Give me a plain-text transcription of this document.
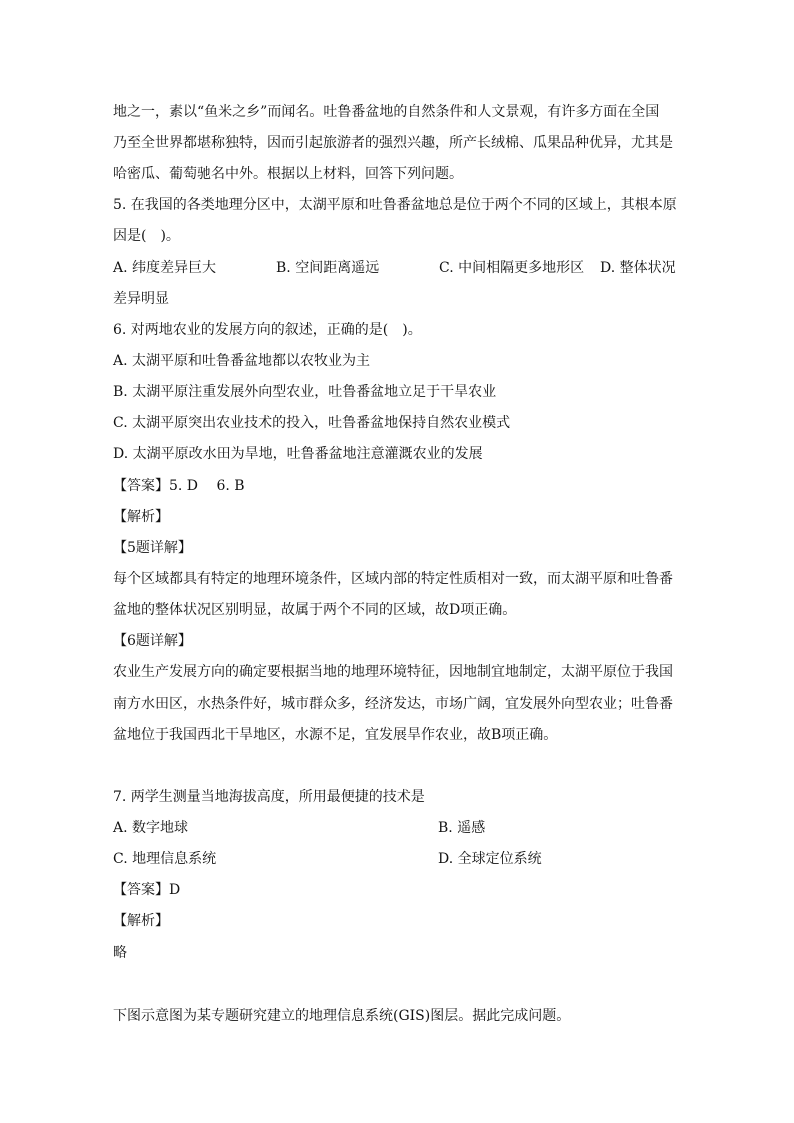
地之一，素以“鱼米之乡”而闻名。吐鲁番盆地的自然条件和人文景观，有许多方面在全国
乃至全世界都堪称独特，因而引起旅游者的强烈兴趣，所产长绒棉、瓜果品种优异，尤其是
哈密瓜、葡萄驰名中外。根据以上材料，回答下列问题。
5. 在我国的各类地理分区中，太湖平原和吐鲁番盆地总是位于两个不同的区域上，其根本原
因是(　)。
A. 纬度差异巨大	B. 空间距离遥远	C. 中间相隔更多地形区 D. 整体状况
差异明显
6. 对两地农业的发展方向的叙述，正确的是(　)。
A. 太湖平原和吐鲁番盆地都以农牧业为主
B. 太湖平原注重发展外向型农业，吐鲁番盆地立足于干旱农业
C. 太湖平原突出农业技术的投入，吐鲁番盆地保持自然农业模式
D. 太湖平原改水田为旱地，吐鲁番盆地注意灌溉农业的发展
【答案】5. D　 6. B
【解析】
【5题详解】
每个区域都具有特定的地理环境条件，区域内部的特定性质相对一致，而太湖平原和吐鲁番
盆地的整体状况区别明显，故属于两个不同的区域，故D项正确。
【6题详解】
农业生产发展方向的确定要根据当地的地理环境特征，因地制宜地制定，太湖平原位于我国
南方水田区，水热条件好，城市群众多，经济发达，市场广阔，宜发展外向型农业；吐鲁番
盆地位于我国西北干旱地区，水源不足，宜发展旱作农业，故B项正确。
7. 两学生测量当地海拔高度，所用最便捷的技术是
A. 数字地球	B. 遥感
C. 地理信息系统	D. 全球定位系统
【答案】D
【解析】
略
下图示意图为某专题研究建立的地理信息系统(GIS)图层。据此完成问题。
